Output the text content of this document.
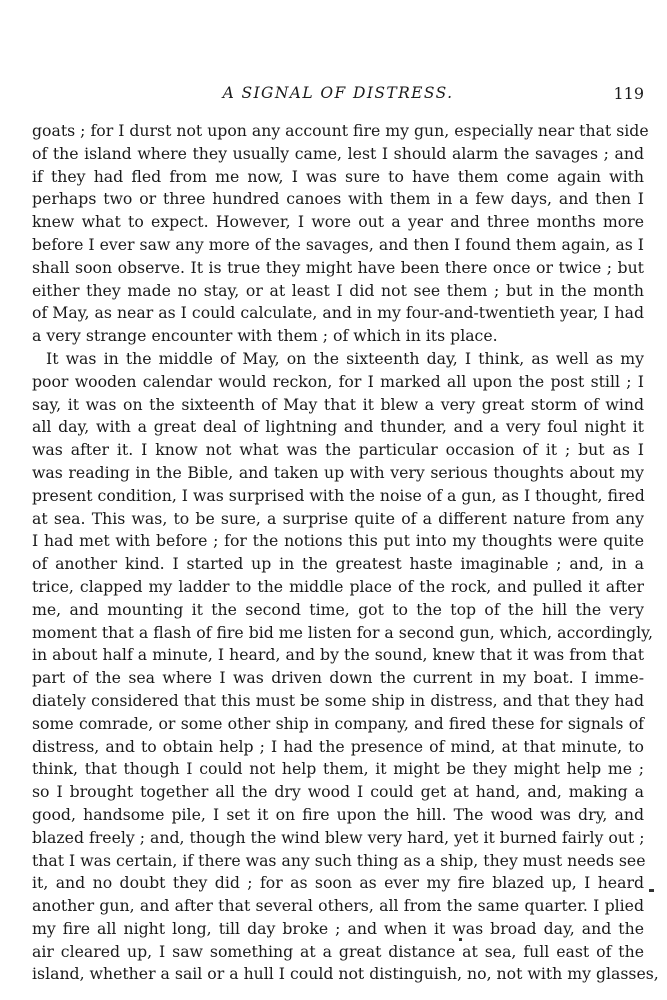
A SIGNAL OF DISTRESS.	119
goats ; for I durst not upon any account fire my gun, especially near that side
of the island where they usually came, lest I should alarm the savages ; and
if they had fled from me now, I was sure to have them come again with
perhaps two or three hundred canoes with them in a few days, and then I
knew what to expect. However, I wore out a year and three months more
before I ever saw any more of the savages, and then I found them again, as I
shall soon observe. It is true they might have been there once or twice ; but
either they made no stay, or at least I did not see them ; but in the month
of May, as near as I could calculate, and in my four-and-twentieth year, I had
a very strange encounter with them ; of which in its place.
It was in the middle of May, on the sixteenth day, I think, as well as my
poor wooden calendar would reckon, for I marked all upon the post still ; I
say, it was on the sixteenth of May that it blew a very great storm of wind
all day, with a great deal of lightning and thunder, and a very foul night it
was after it. I know not what was the particular occasion of it ; but as I
was reading in the Bible, and taken up with very serious thoughts about my
present condition, I was surprised with the noise of a gun, as I thought, fired
at sea. This was, to be sure, a surprise quite of a different nature from any
I had met with before ; for the notions this put into my thoughts were quite
of another kind. I started up in the greatest haste imaginable ; and, in a
trice, clapped my ladder to the middle place of the rock, and pulled it after
me, and mounting it the second time, got to the top of the hill the very
moment that a flash of fire bid me listen for a second gun, which, accordingly,
in about half a minute, I heard, and by the sound, knew that it was from that
part of the sea where I was driven down the current in my boat. I imme-
diately considered that this must be some ship in distress, and that they had
some comrade, or some other ship in company, and fired these for signals of
distress, and to obtain help ; I had the presence of mind, at that minute, to
think, that though I could not help them, it might be they might help me ;
so I brought together all the dry wood I could get at hand, and, making a
good, handsome pile, I set it on fire upon the hill. The wood was dry, and
blazed freely ; and, though the wind blew very hard, yet it burned fairly out ;
that I was certain, if there was any such thing as a ship, they must needs see
it, and no doubt they did ; for as soon as ever my fire blazed up, I heard
another gun, and after that several others, all from the same quarter. I plied
my fire all night long, till day broke ; and when it was broad day, and the
air cleared up, I saw something at a great distance at sea, full east of the
island, whether a sail or a hull I could not distinguish, no, not with my glasses,
